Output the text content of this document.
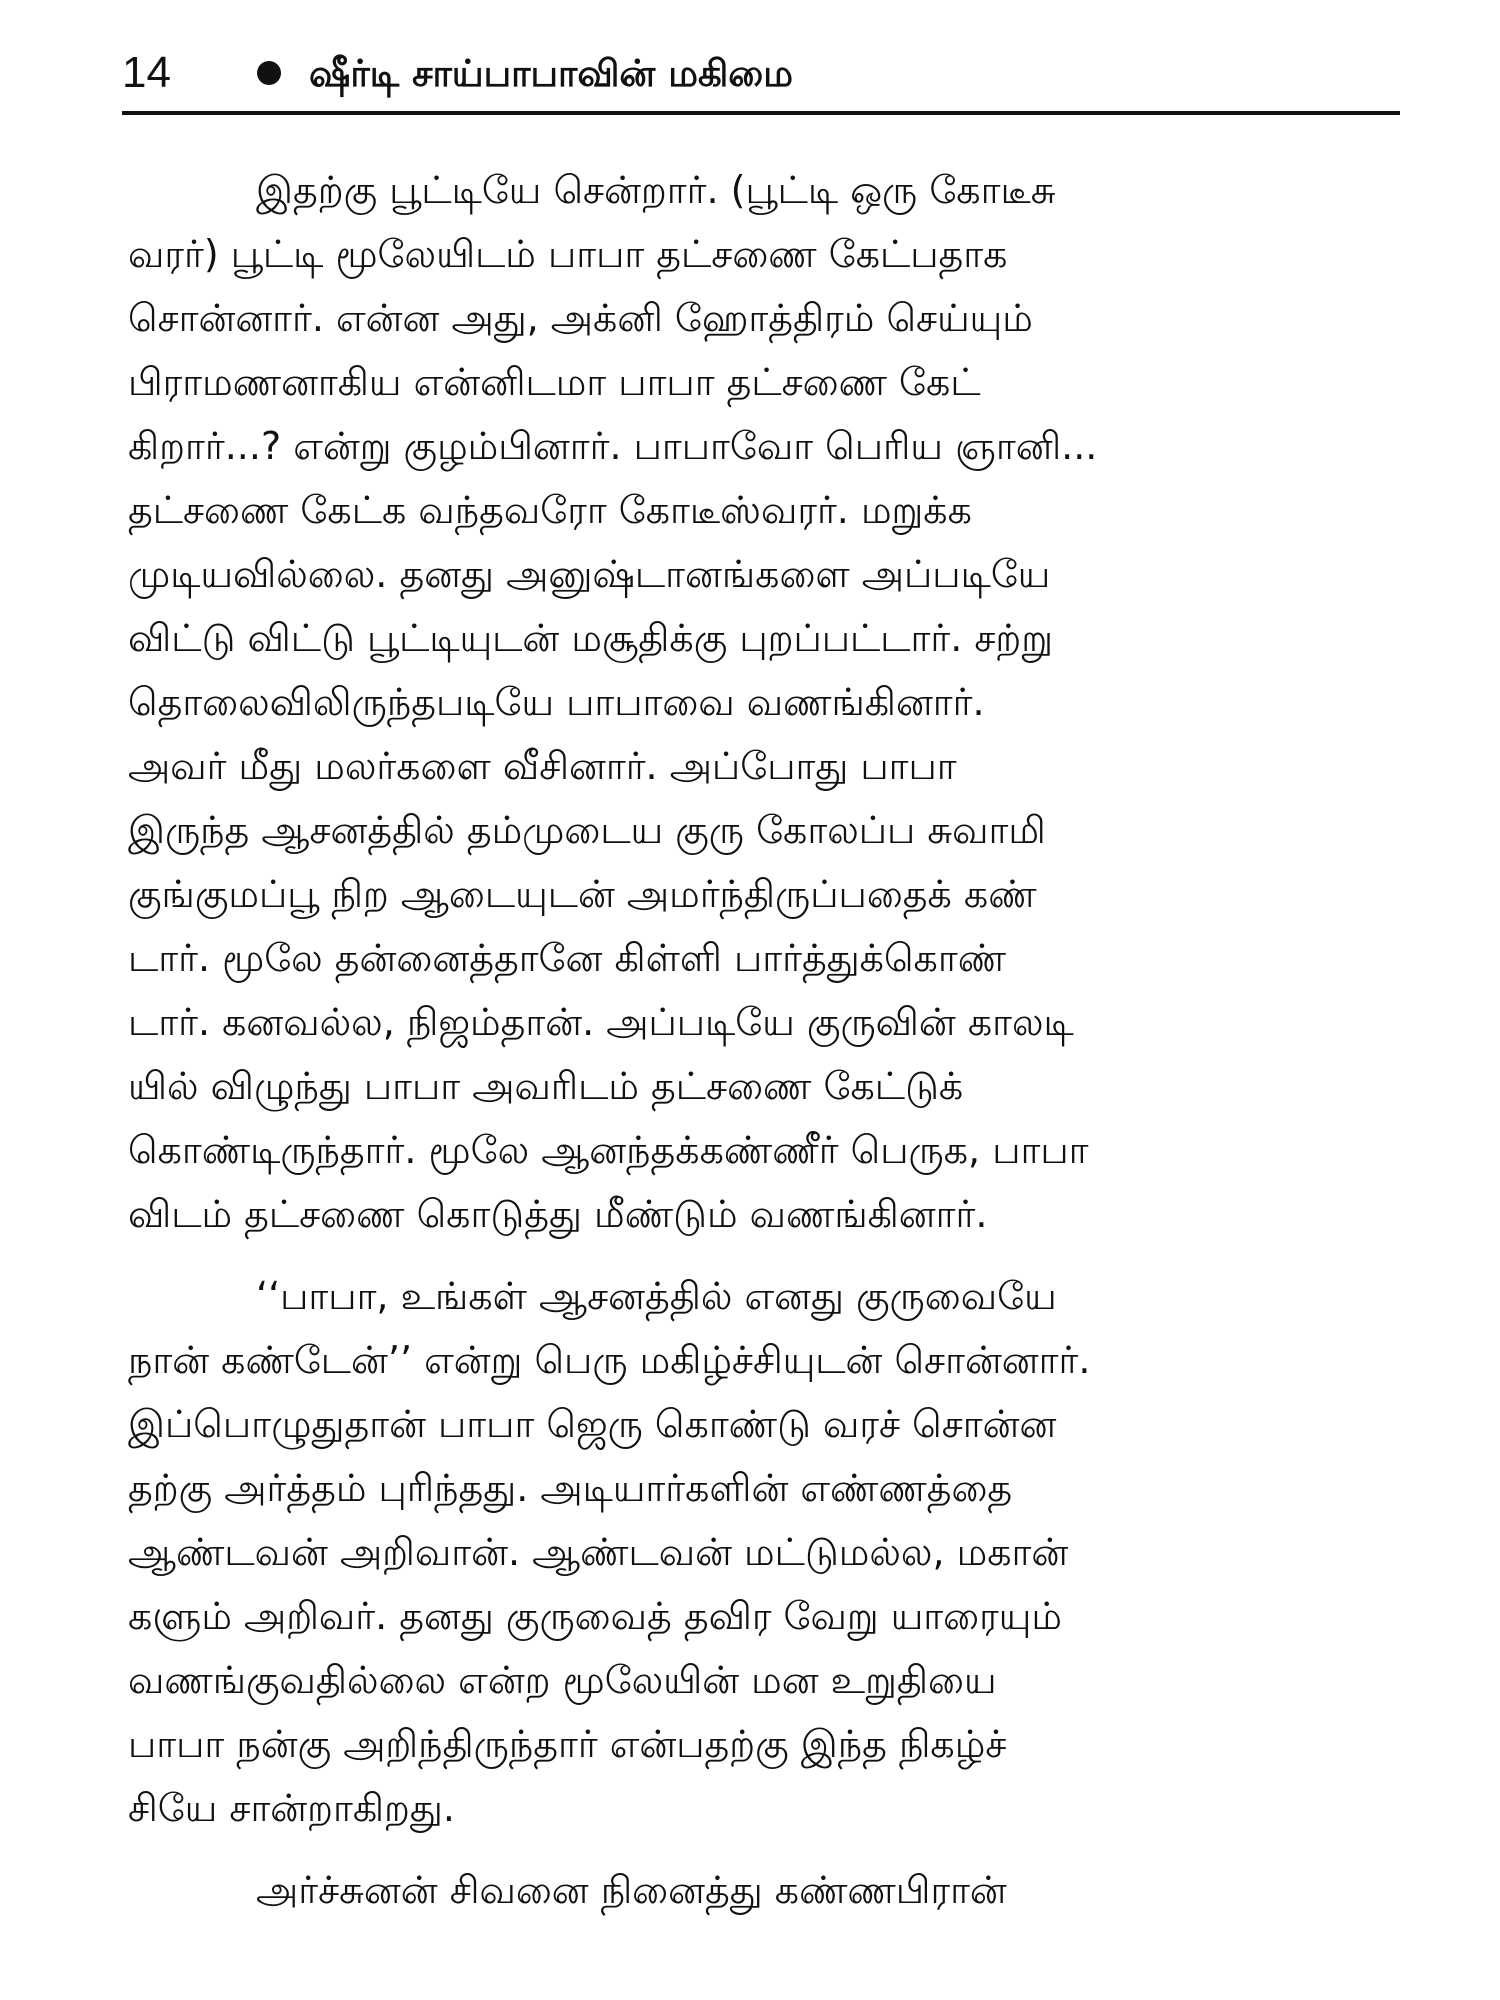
14	ஷீர்டி சாய்பாபாவின் மகிமை

இதற்கு பூட்டியே சென்றார். (பூட்டி ஒரு கோடீசு
வரர்) பூட்டி மூலேயிடம் பாபா தட்சணை கேட்பதாக
சொன்னார். என்ன அது, அக்னி ஹோத்திரம் செய்யும்
பிராமணனாகிய என்னிடமா பாபா தட்சணை கேட்
கிறார்...? என்று குழம்பினார். பாபாவோ பெரிய ஞானி...
தட்சணை கேட்க வந்தவரோ கோடீஸ்வரர். மறுக்க
முடியவில்லை. தனது அனுஷ்டானங்களை அப்படியே
விட்டு விட்டு பூட்டியுடன் மசூதிக்கு புறப்பட்டார். சற்று
தொலைவிலிருந்தபடியே பாபாவை வணங்கினார்.
அவர் மீது மலர்களை வீசினார். அப்போது பாபா
இருந்த ஆசனத்தில் தம்முடைய குரு கோலப்ப சுவாமி
குங்குமப்பூ நிற ஆடையுடன் அமர்ந்திருப்பதைக் கண்
டார். மூலே தன்னைத்தானே கிள்ளி பார்த்துக்கொண்
டார். கனவல்ல, நிஜம்தான். அப்படியே குருவின் காலடி
யில் விழுந்து பாபா அவரிடம் தட்சணை கேட்டுக்
கொண்டிருந்தார். மூலே ஆனந்தக்கண்ணீர் பெருக, பாபா
விடம் தட்சணை கொடுத்து மீண்டும் வணங்கினார்.

‘‘பாபா, உங்கள் ஆசனத்தில் எனது குருவையே
நான் கண்டேன்’’ என்று பெரு மகிழ்ச்சியுடன் சொன்னார்.
இப்பொழுதுதான் பாபா ஜெரு கொண்டு வரச் சொன்ன
தற்கு அர்த்தம் புரிந்தது. அடியார்களின் எண்ணத்தை
ஆண்டவன் அறிவான். ஆண்டவன் மட்டுமல்ல, மகான்
களும் அறிவர். தனது குருவைத் தவிர வேறு யாரையும்
வணங்குவதில்லை என்ற மூலேயின் மன உறுதியை
பாபா நன்கு அறிந்திருந்தார் என்பதற்கு இந்த நிகழ்ச்
சியே சான்றாகிறது.

அர்ச்சுனன் சிவனை நினைத்து கண்ணபிரான்
